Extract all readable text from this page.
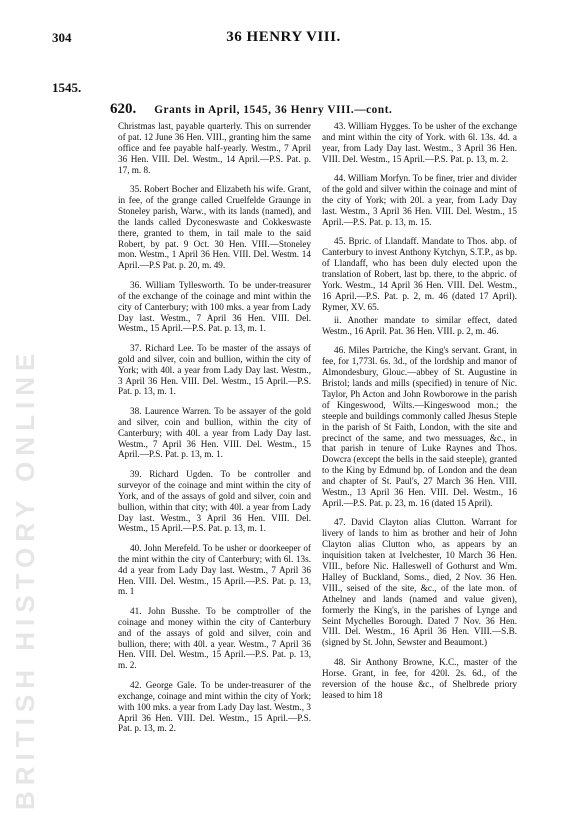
BRITISH HISTORY ONLINE
304	36 HENRY VIII.
1545.
620. Grants in April, 1545, 36 Henry VIII.—cont.

Christmas last, payable quarterly. This on surrender of pat. 12 June 36 Hen. VIII., granting him the same office and fee payable half-yearly. Westm., 7 April 36 Hen. VIII. Del. Westm., 14 April.—P.S. Pat. p. 17, m. 8.

35. Robert Bocher and Elizabeth his wife. Grant, in fee, of the grange called Cruelfelde Graunge in Stoneley parish, Warw., with its lands (named), and the lands called Dyconeswaste and Cokkeswaste there, granted to them, in tail male to the said Robert, by pat. 9 Oct. 30 Hen. VIII.—Stoneley mon. Westm., 1 April 36 Hen. VIII. Del. Westm. 14 April.—P.S Pat. p. 20, m. 49.

36. William Tyllesworth. To be under-treasurer of the exchange of the coinage and mint within the city of Canterbury; with 100 mks. a year from Lady Day last. Westm., 7 April 36 Hen. VIII. Del. Westm., 15 April.—P.S. Pat. p. 13, m. 1.

37. Richard Lee. To be master of the assays of gold and silver, coin and bullion, within the city of York; with 40l. a year from Lady Day last. Westm., 3 April 36 Hen. VIII. Del. Westm., 15 April.—P.S. Pat. p. 13, m. 1.

38. Laurence Warren. To be assayer of the gold and silver, coin and bullion, within the city of Canterbury; with 40l. a year from Lady Day last. Westm., 7 April 36 Hen. VIII. Del. Westm., 15 April.—P.S. Pat. p. 13, m. 1.

39. Richard Ugden. To be controller and surveyor of the coinage and mint within the city of York, and of the assays of gold and silver, coin and bullion, within that city; with 40l. a year from Lady Day last. Westm., 3 April 36 Hen. VIII. Del. Westm., 15 April.—P.S. Pat. p. 13, m. 1.

40. John Merefeld. To be usher or doorkeeper of the mint within the city of Canterbury; with 6l. 13s. 4d a year from Lady Day last. Westm., 7 April 36 Hen. VIII. Del. Westm., 15 April.—P.S. Pat. p. 13, m. 1

41. John Busshe. To be comptroller of the coinage and money within the city of Canterbury and of the assays of gold and silver, coin and bullion, there; with 40l. a year. Westm., 7 April 36 Hen. VIII. Del. Westm., 15 April.—P.S. Pat. p. 13, m. 2.

42. George Gale. To be under-treasurer of the exchange, coinage and mint within the city of York; with 100 mks. a year from Lady Day last. Westm., 3 April 36 Hen. VIII. Del. Westm., 15 April.—P.S. Pat. p. 13, m. 2.

43. William Hygges. To be usher of the exchange and mint within the city of York. with 6l. 13s. 4d. a year, from Lady Day last. Westm., 3 April 36 Hen. VIII. Del. Westm., 15 April.—P.S. Pat. p. 13, m. 2.

44. William Morfyn. To be finer, trier and divider of the gold and silver within the coinage and mint of the city of York; with 20l. a year, from Lady Day last. Westm., 3 April 36 Hen. VIII. Del. Westm., 15 April.—P.S. Pat. p. 13, m. 15.

45. Bpric. of Llandaff. Mandate to Thos. abp. of Canterbury to invest Anthony Kytchyn, S.T.P., as bp. of Llandaff, who has been duly elected upon the translation of Robert, last bp. there, to the abpric. of York. Westm., 14 April 36 Hen. VIII. Del. Westm., 16 April.—P.S. Pat. p. 2, m. 46 (dated 17 April). Rymer, XV. 65.

ii. Another mandate to similar effect, dated Westm., 16 April. Pat. 36 Hen. VIII. p. 2, m. 46.

46. Miles Partriche, the King's servant. Grant, in fee, for 1,773l. 6s. 3d., of the lordship and manor of Almondesbury, Glouc.—abbey of St. Augustine in Bristol; lands and mills (specified) in tenure of Nic. Taylor, Ph Acton and John Rowborowe in the parish of Kingeswood, Wilts.—Kingeswood mon.; the steeple and buildings commonly called Jhesus Steple in the parish of St Faith, London, with the site and precinct of the same, and two messuages, &c., in that parish in tenure of Luke Raynes and Thos. Dowcra (except the bells in the said steeple), granted to the King by Edmund bp. of London and the dean and chapter of St. Paul's, 27 March 36 Hen. VIII. Westm., 13 April 36 Hen. VIII. Del. Westm., 16 April.—P.S. Pat. p. 23, m. 16 (dated 15 April).

47. David Clayton alias Clutton. Warrant for livery of lands to him as brother and heir of John Clayton alias Clutton who, as appears by an inquisition taken at Ivelchester, 10 March 36 Hen. VIII., before Nic. Halleswell of Gothurst and Wm. Halley of Buckland, Soms., died, 2 Nov. 36 Hen. VIII., seised of the site, &c., of the late mon. of Athelney and lands (named and value given), formerly the King's, in the parishes of Lynge and Seint Mychelles Borough. Dated 7 Nov. 36 Hen. VIII. Del. Westm., 16 April 36 Hen. VIII.—S.B. (signed by St. John, Sewster and Beaumont.)

48. Sir Anthony Browne, K.C., master of the Horse. Grant, in fee, for 420l. 2s. 6d., of the reversion of the house &c., of Shelbrede priory leased to him 18
